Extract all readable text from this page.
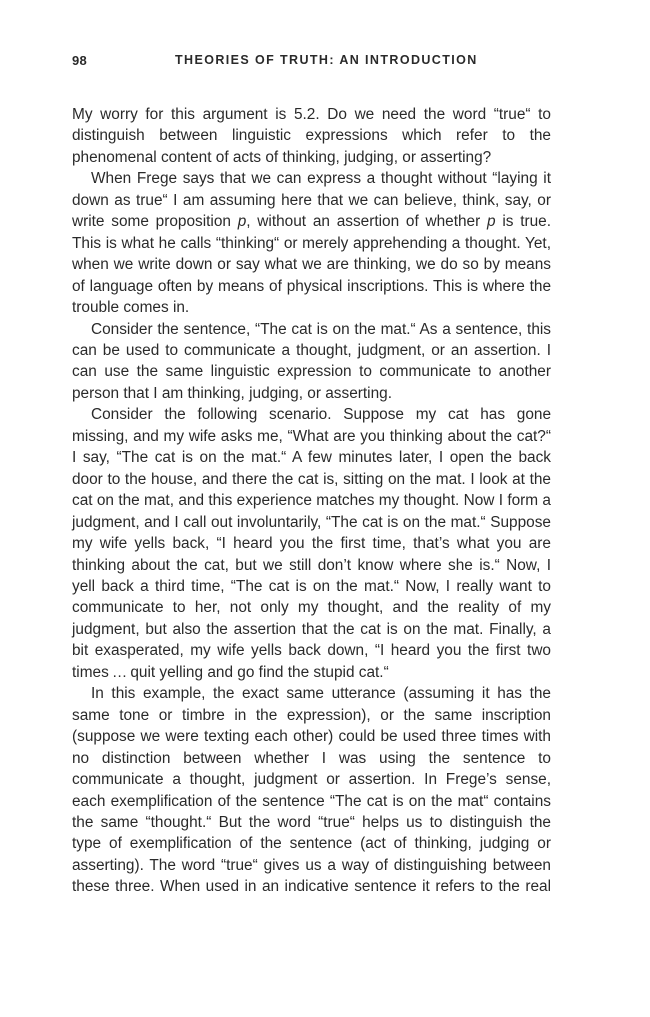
98	THEORIES OF TRUTH: AN INTRODUCTION

My worry for this argument is 5.2. Do we need the word “true“ to distinguish between linguistic expressions which refer to the phenomenal content of acts of thinking, judging, or asserting?

When Frege says that we can express a thought without “laying it down as true“ I am assuming here that we can believe, think, say, or write some proposition p, without an assertion of whether p is true. This is what he calls “thinking“ or merely apprehending a thought. Yet, when we write down or say what we are thinking, we do so by means of language often by means of physical inscriptions. This is where the trouble comes in.

Consider the sentence, “The cat is on the mat.“ As a sentence, this can be used to communicate a thought, judgment, or an assertion. I can use the same linguistic expression to communicate to another person that I am thinking, judging, or asserting.

Consider the following scenario. Suppose my cat has gone missing, and my wife asks me, “What are you thinking about the cat?“ I say, “The cat is on the mat.“ A few minutes later, I open the back door to the house, and there the cat is, sitting on the mat. I look at the cat on the mat, and this experience matches my thought. Now I form a judgment, and I call out involuntarily, “The cat is on the mat.“ Suppose my wife yells back, “I heard you the first time, that’s what you are thinking about the cat, but we still don’t know where she is.“ Now, I yell back a third time, “The cat is on the mat.“ Now, I really want to communicate to her, not only my thought, and the reality of my judgment, but also the assertion that the cat is on the mat. Finally, a bit exasperated, my wife yells back down, “I heard you the first two times … quit yelling and go find the stupid cat.“

In this example, the exact same utterance (assuming it has the same tone or timbre in the expression), or the same inscription (suppose we were texting each other) could be used three times with no distinction between whether I was using the sentence to communicate a thought, judgment or assertion. In Frege’s sense, each exemplification of the sentence “The cat is on the mat“ contains the same “thought.“ But the word “true“ helps us to distinguish the type of exemplification of the sentence (act of thinking, judging or asserting). The word “true“ gives us a way of distinguishing between these three. When used in an indicative sentence it refers to the real
